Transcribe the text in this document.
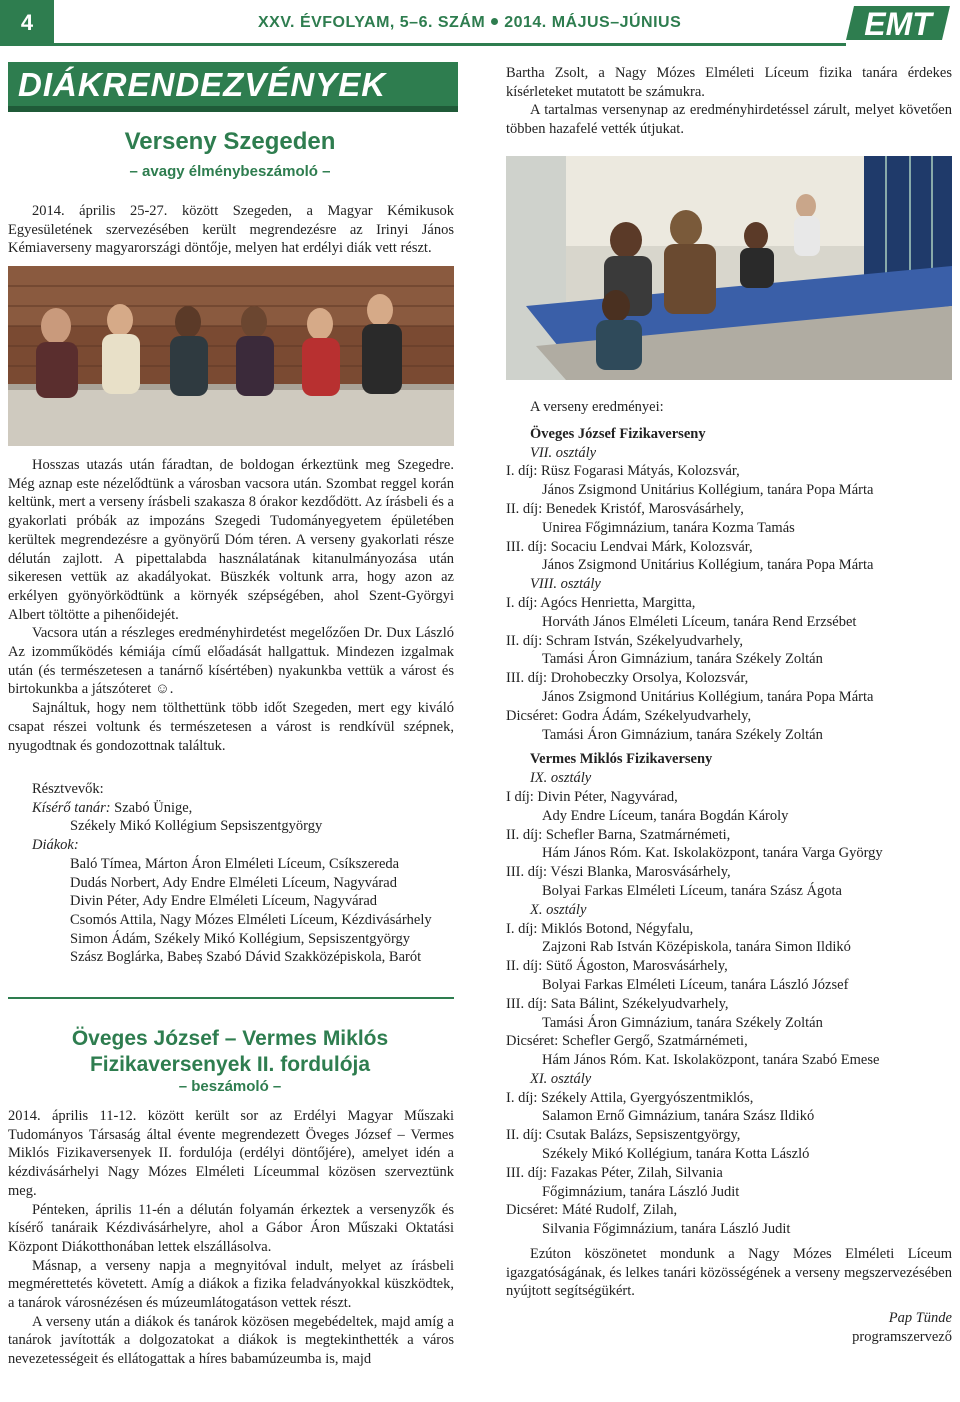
4	XXV. ÉVFOLYAM, 5–6. SZÁM 2014. MÁJUS–JÚNIUS	EMT
DIÁKRENDEZVÉNYEK
Verseny Szegeden
– avagy élménybeszámoló –

2014. április 25-27. között Szegeden, a Magyar Kémikusok Egyesületének szervezésében került megrendezésre az Irinyi János Kémiaverseny magyarországi döntője, melyen hat erdélyi diák vett részt.

Hosszas utazás után fáradtan, de boldogan érkeztünk meg Szegedre. Még aznap este nézelődtünk a városban vacsora után. Szombat reggel korán keltünk, mert a verseny írásbeli szakasza 8 órakor kezdődött. Az írásbeli és a gyakorlati próbák az impozáns Szegedi Tudományegyetem épületében kerültek megrendezésre a gyönyörű Dóm téren. A verseny gyakorlati része délután zajlott. A pipettalabda használatának kitanulmányozása után sikeresen vettük az akadályokat. Büszkék voltunk arra, hogy azon az erkélyen gyönyörködtünk a környék szépségében, ahol Szent-Györgyi Albert töltötte a pihenőidejét.

Vacsora után a részleges eredményhirdetést megelőzően Dr. Dux László Az izomműködés kémiája című előadását hallgattuk. Mindezen izgalmak után (és természetesen a tanárnő kísértében) nyakunkba vettük a várost és birtokunkba a játszóteret ☺.

Sajnáltuk, hogy nem tölthettünk több időt Szegeden, mert egy kiváló csapat részei voltunk és természetesen a várost is rendkívül szépnek, nyugodtnak és gondozottnak találtuk.

Résztvevők:
Kísérő tanár: Szabó Ünige,
Székely Mikó Kollégium Sepsiszentgyörgy
Diákok:
Baló Tímea, Márton Áron Elméleti Líceum, Csíkszereda
Dudás Norbert, Ady Endre Elméleti Líceum, Nagyvárad
Divin Péter, Ady Endre Elméleti Líceum, Nagyvárad
Csomós Attila, Nagy Mózes Elméleti Líceum, Kézdivásárhely
Simon Ádám, Székely Mikó Kollégium, Sepsiszentgyörgy
Szász Boglárka, Babeș Szabó Dávid Szakközépiskola, Barót
Öveges József – Vermes Miklós
Fizikaversenyek II. fordulója
– beszámoló –

2014. április 11-12. között került sor az Erdélyi Magyar Műszaki Tudományos Társaság által évente megrendezett Öveges József – Vermes Miklós Fizikaversenyek II. fordulója (erdélyi döntőjére), amelyet idén a kézdivásárhelyi Nagy Mózes Elméleti Líceummal közösen szerveztünk meg.

Pénteken, április 11-én a délután folyamán érkeztek a versenyzők és kísérő tanáraik Kézdivásárhelyre, ahol a Gábor Áron Műszaki Oktatási Központ Diákotthonában lettek elszállásolva.

Másnap, a verseny napja a megnyitóval indult, melyet az írásbeli megmérettetés követett. Amíg a diákok a fizika feladványokkal küszködtek, a tanárok városnézésen és múzeumlátogatáson vettek részt.

A verseny után a diákok és tanárok közösen megebédeltek, majd amíg a tanárok javították a dolgozatokat a diákok is megtekinthették a város nevezetességeit és ellátogattak a híres babamúzeumba is, majd

Bartha Zsolt, a Nagy Mózes Elméleti Líceum fizika tanára érdekes kísérleteket mutatott be számukra.

A tartalmas versenynap az eredményhirdetéssel zárult, melyet követően többen hazafelé vették útjukat.

A verseny eredményei:
Öveges József Fizikaverseny
VII. osztály
I. díj: Rüsz Fogarasi Mátyás, Kolozsvár,
János Zsigmond Unitárius Kollégium, tanára Popa Márta
II. díj: Benedek Kristóf, Marosvásárhely,
Unirea Főgimnázium, tanára Kozma Tamás
III. díj: Socaciu Lendvai Márk, Kolozsvár,
János Zsigmond Unitárius Kollégium, tanára Popa Márta
VIII. osztály
I. díj: Agócs Henrietta, Margitta,
Horváth János Elméleti Líceum, tanára Rend Erzsébet
II. díj: Schram István, Székelyudvarhely,
Tamási Áron Gimnázium, tanára Székely Zoltán
III. díj: Drohobeczky Orsolya, Kolozsvár,
János Zsigmond Unitárius Kollégium, tanára Popa Márta
Dicséret: Godra Ádám, Székelyudvarhely,
Tamási Áron Gimnázium, tanára Székely Zoltán
Vermes Miklós Fizikaverseny
IX. osztály
I díj: Divin Péter, Nagyvárad,
Ady Endre Líceum, tanára Bogdán Károly
II. díj: Schefler Barna, Szatmárnémeti,
Hám János Róm. Kat. Iskolaközpont, tanára Varga György
III. díj: Vészi Blanka, Marosvásárhely,
Bolyai Farkas Elméleti Líceum, tanára Szász Ágota
X. osztály
I. díj: Miklós Botond, Négyfalu,
Zajzoni Rab István Középiskola, tanára Simon Ildikó
II. díj: Sütő Ágoston, Marosvásárhely,
Bolyai Farkas Elméleti Líceum, tanára László József
III. díj: Sata Bálint, Székelyudvarhely,
Tamási Áron Gimnázium, tanára Székely Zoltán
Dicséret: Schefler Gergő, Szatmárnémeti,
Hám János Róm. Kat. Iskolaközpont, tanára Szabó Emese
XI. osztály
I. díj: Székely Attila, Gyergyószentmiklós,
Salamon Ernő Gimnázium, tanára Szász Ildikó
II. díj: Csutak Balázs, Sepsiszentgyörgy,
Székely Mikó Kollégium, tanára Kotta László
III. díj: Fazakas Péter, Zilah, Silvania
Főgimnázium, tanára László Judit
Dicséret: Máté Rudolf, Zilah,
Silvania Főgimnázium, tanára László Judit

Ezúton köszönetet mondunk a Nagy Mózes Elméleti Líceum igazgatóságának, és lelkes tanári közösségének a verseny megszervezésében nyújtott segítségükért.

Pap Tünde
programszervező
